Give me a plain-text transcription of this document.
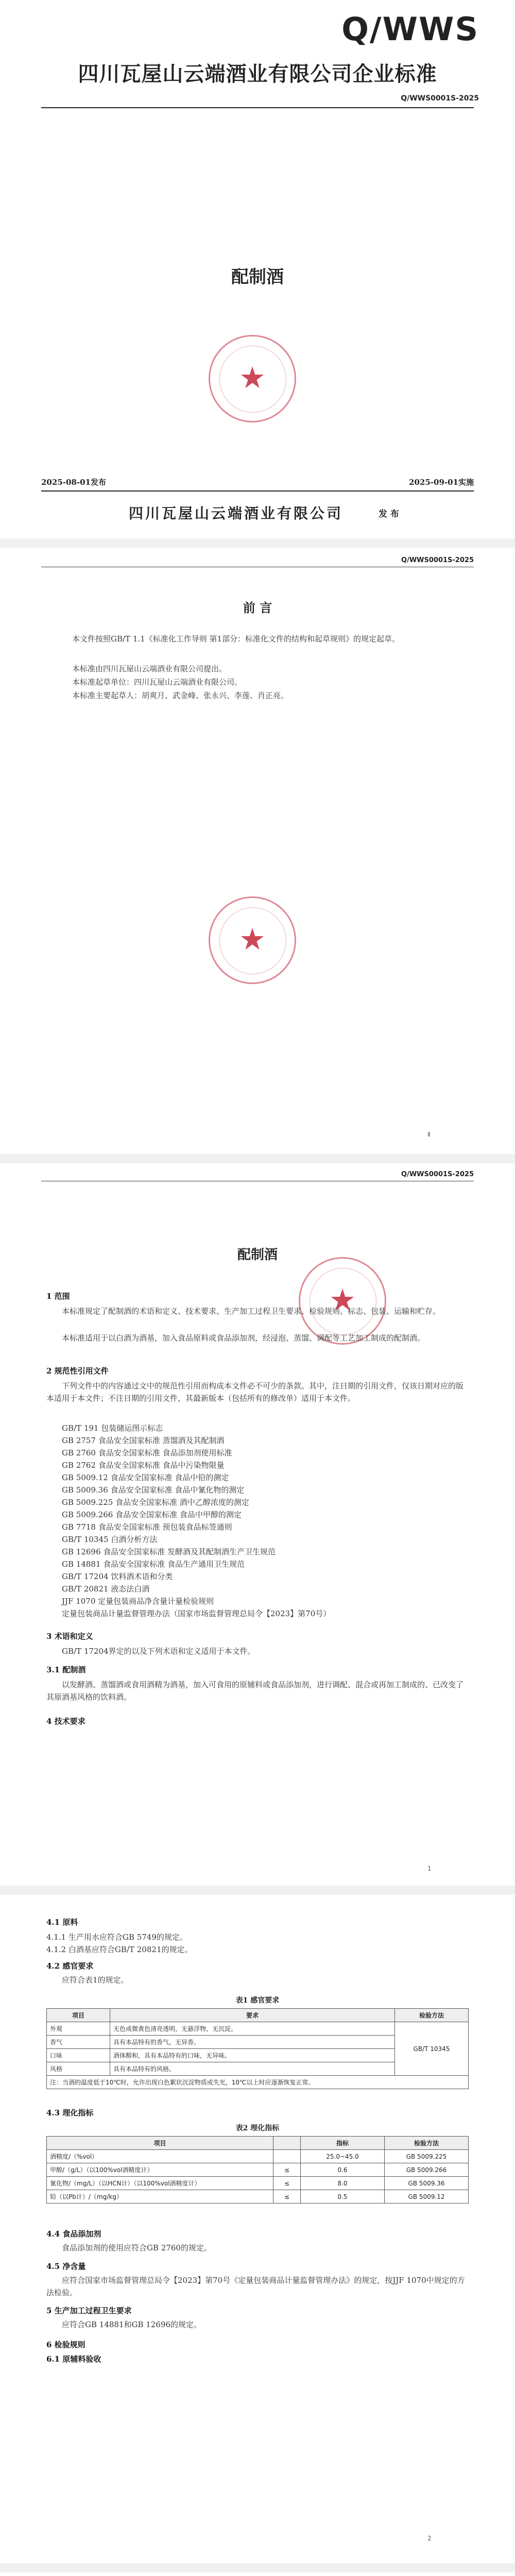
Q/WWS
四川瓦屋山云端酒业有限公司企业标准
Q/WWS0001S-2025
配制酒
★
2025-08-01发布	2025-09-01实施
四川瓦屋山云端酒业有限公司	发 布
Q/WWS0001S-2025
前 言
本文件按照GB/T 1.1《标准化工作导则 第1部分：标准化文件的结构和起草规则》的规定起草。
本标准由四川瓦屋山云端酒业有限公司提出。
本标准起草单位：四川瓦屋山云端酒业有限公司。
本标准主要起草人：胡爽月、武金峰、张永兴、李莲、肖正亮。
★
Ⅱ
Q/WWS0001S-2025
配制酒
★
1 范围
本标准规定了配制酒的术语和定义、技术要求、生产加工过程卫生要求、检验规则、标志、包装、运输和贮存。
本标准适用于以白酒为酒基，加入食品原料或食品添加剂，经浸泡、蒸馏、调配等工艺加工制成的配制酒。
2 规范性引用文件
下列文件中的内容通过文中的规范性引用而构成本文件必不可少的条款。其中，注日期的引用文件，仅该日期对应的版本适用于本文件；不注日期的引用文件，其最新版本（包括所有的修改单）适用于本文件。
GB/T 191 包装储运图示标志
GB 2757 食品安全国家标准 蒸馏酒及其配制酒
GB 2760 食品安全国家标准 食品添加剂使用标准
GB 2762 食品安全国家标准 食品中污染物限量
GB 5009.12 食品安全国家标准 食品中铅的测定
GB 5009.36 食品安全国家标准 食品中氰化物的测定
GB 5009.225 食品安全国家标准 酒中乙醇浓度的测定
GB 5009.266 食品安全国家标准 食品中甲醇的测定
GB 7718 食品安全国家标准 预包装食品标签通则
GB/T 10345 白酒分析方法
GB 12696 食品安全国家标准 发酵酒及其配制酒生产卫生规范
GB 14881 食品安全国家标准 食品生产通用卫生规范
GB/T 17204 饮料酒术语和分类
GB/T 20821 液态法白酒
JJF 1070 定量包装商品净含量计量检验规则
定量包装商品计量监督管理办法（国家市场监督管理总局令【2023】第70号）
3 术语和定义
GB/T 17204界定的以及下列术语和定义适用于本文件。
3.1 配制酒
以发酵酒、蒸馏酒或食用酒精为酒基，加入可食用的原辅料或食品添加剂，进行调配、混合或再加工制成的、已改变了其原酒基风格的饮料酒。
4 技术要求
1
4.1 原料
4.1.1 生产用水应符合GB 5749的规定。
4.1.2 白酒基应符合GB/T 20821的规定。
4.2 感官要求
应符合表1的规定。
表1 感官要求
项目	要求	检验方法
外观	无色或微黄色清亮透明，无悬浮物，无沉淀。	GB/T 10345
香气	具有本品特有的香气，无异香。	
口味	酒体醇和，具有本品特有的口味，无异味。	
风格	具有本品特有的风格。	
注：当酒的温度低于10℃时，允许出现白色絮状沉淀物质或失光，10℃以上时应逐渐恢复正常。		
4.3 理化指标
表2 理化指标
项目		指标	检验方法
酒精度/（%vol）		25.0~45.0	GB 5009.225
甲醇/（g/L）（以100%vol酒精度计）	≤	0.6	GB 5009.266
氰化物/（mg/L）（以HCN计）（以100%vol酒精度计）	≤	8.0	GB 5009.36
铅（以Pb计）/（mg/kg）	≤	0.5	GB 5009.12
4.4 食品添加剂
食品添加剂的使用应符合GB 2760的规定。
4.5 净含量
应符合国家市场监督管理总局令【2023】第70号《定量包装商品计量监督管理办法》的规定，按JJF 1070中规定的方法检验。
5 生产加工过程卫生要求
应符合GB 14881和GB 12696的规定。
6 检验规则
6.1 原辅料验收
2
